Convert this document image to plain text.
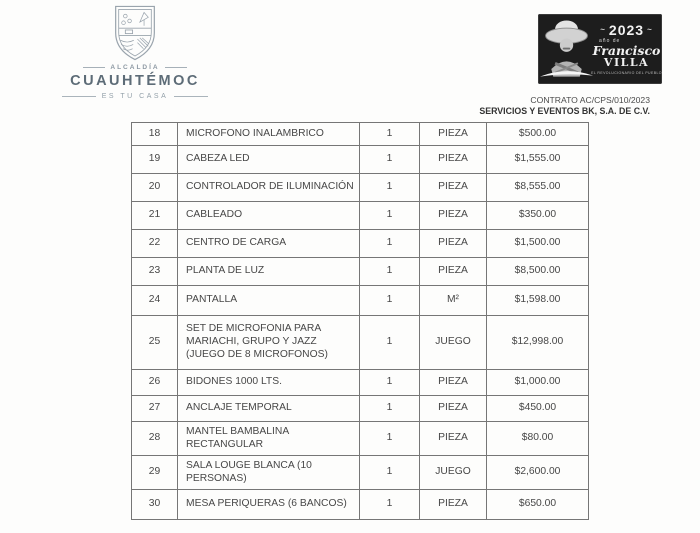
ALCALDÍA
CUAUHTÉMOC
ES TU CASA
~ 2023 ~
año de
Francisco
VILLA
EL REVOLUCIONARIO DEL PUEBLO
CONTRATO AC/CPS/010/2023
SERVICIOS Y EVENTOS BK, S.A. DE C.V.
18	MICROFONO INALAMBRICO	1	PIEZA	$500.00
19	CABEZA LED	1	PIEZA	$1,555.00
20	CONTROLADOR DE ILUMINACIÓN	1	PIEZA	$8,555.00
21	CABLEADO	1	PIEZA	$350.00
22	CENTRO DE CARGA	1	PIEZA	$1,500.00
23	PLANTA DE LUZ	1	PIEZA	$8,500.00
24	PANTALLA	1	M²	$1,598.00
25	SET DE MICROFONIA PARA MARIACHI, GRUPO Y JAZZ (JUEGO DE 8 MICROFONOS)	1	JUEGO	$12,998.00
26	BIDONES 1000 LTS.	1	PIEZA	$1,000.00
27	ANCLAJE TEMPORAL	1	PIEZA	$450.00
28	MANTEL BAMBALINA RECTANGULAR	1	PIEZA	$80.00
29	SALA LOUGE BLANCA (10 PERSONAS)	1	JUEGO	$2,600.00
30	MESA PERIQUERAS (6 BANCOS)	1	PIEZA	$650.00
